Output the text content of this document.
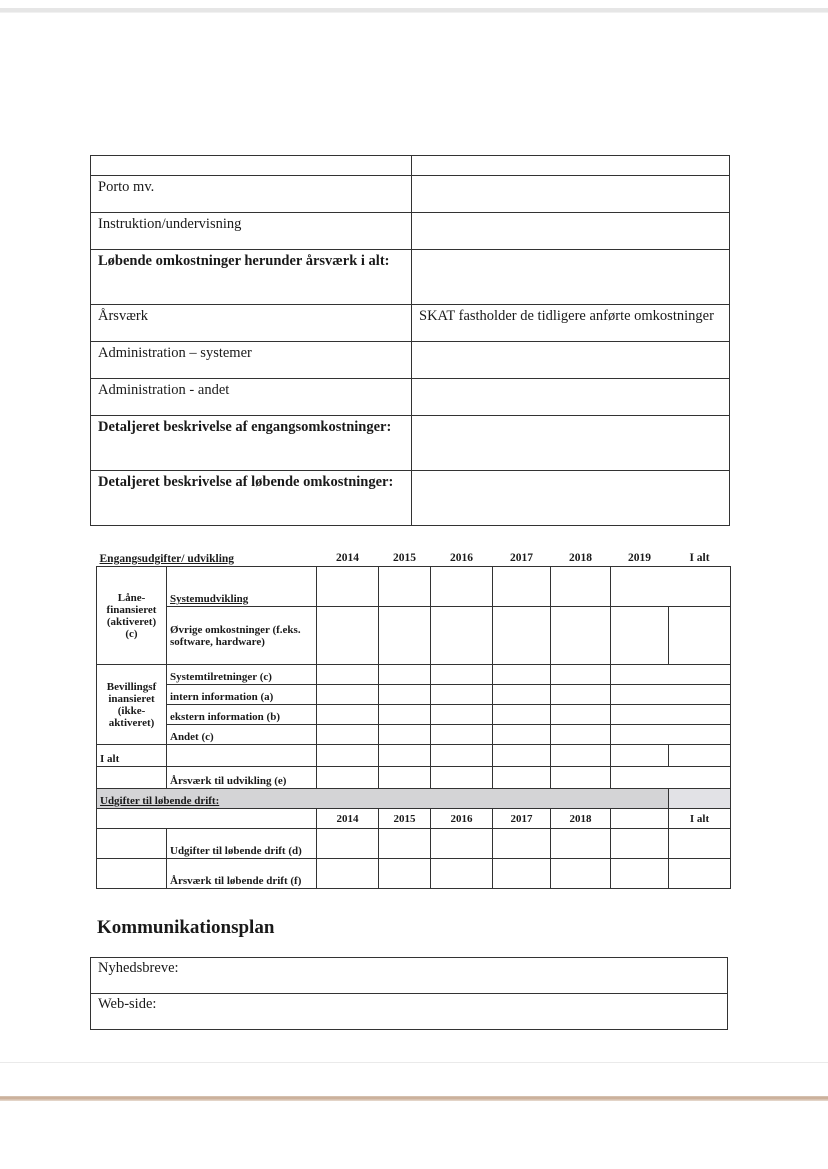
Porto mv.	
Instruktion/undervisning	
Løbende omkostninger herunder årsværk i alt:	
Årsværk	SKAT fastholder de tidligere anførte omkostninger
Administration – systemer	
Administration - andet	
Detaljeret beskrivelse af engangsomkostninger:	
Detaljeret beskrivelse af løbende omkostninger:	
Engangsudgifter/ udvikling		2014	2015	2016	2017	2018	2019	I alt
Låne-finansieret (aktiveret) (c)	Systemudvikling							
	Øvrige omkostninger (f.eks. software, hardware)							
Bevillingsf inansieret (ikke-aktiveret)	Systemtilretninger (c)							
	intern information (a)							
	ekstern information (b)							
	Andet (c)							
I alt								
	Årsværk til udvikling (e)							
Udgifter til løbende drift:								
		2014	2015	2016	2017	2018		I alt
	Udgifter til løbende drift (d)							
	Årsværk til løbende drift (f)							
Kommunikationsplan
Nyhedsbreve:
Web-side:
